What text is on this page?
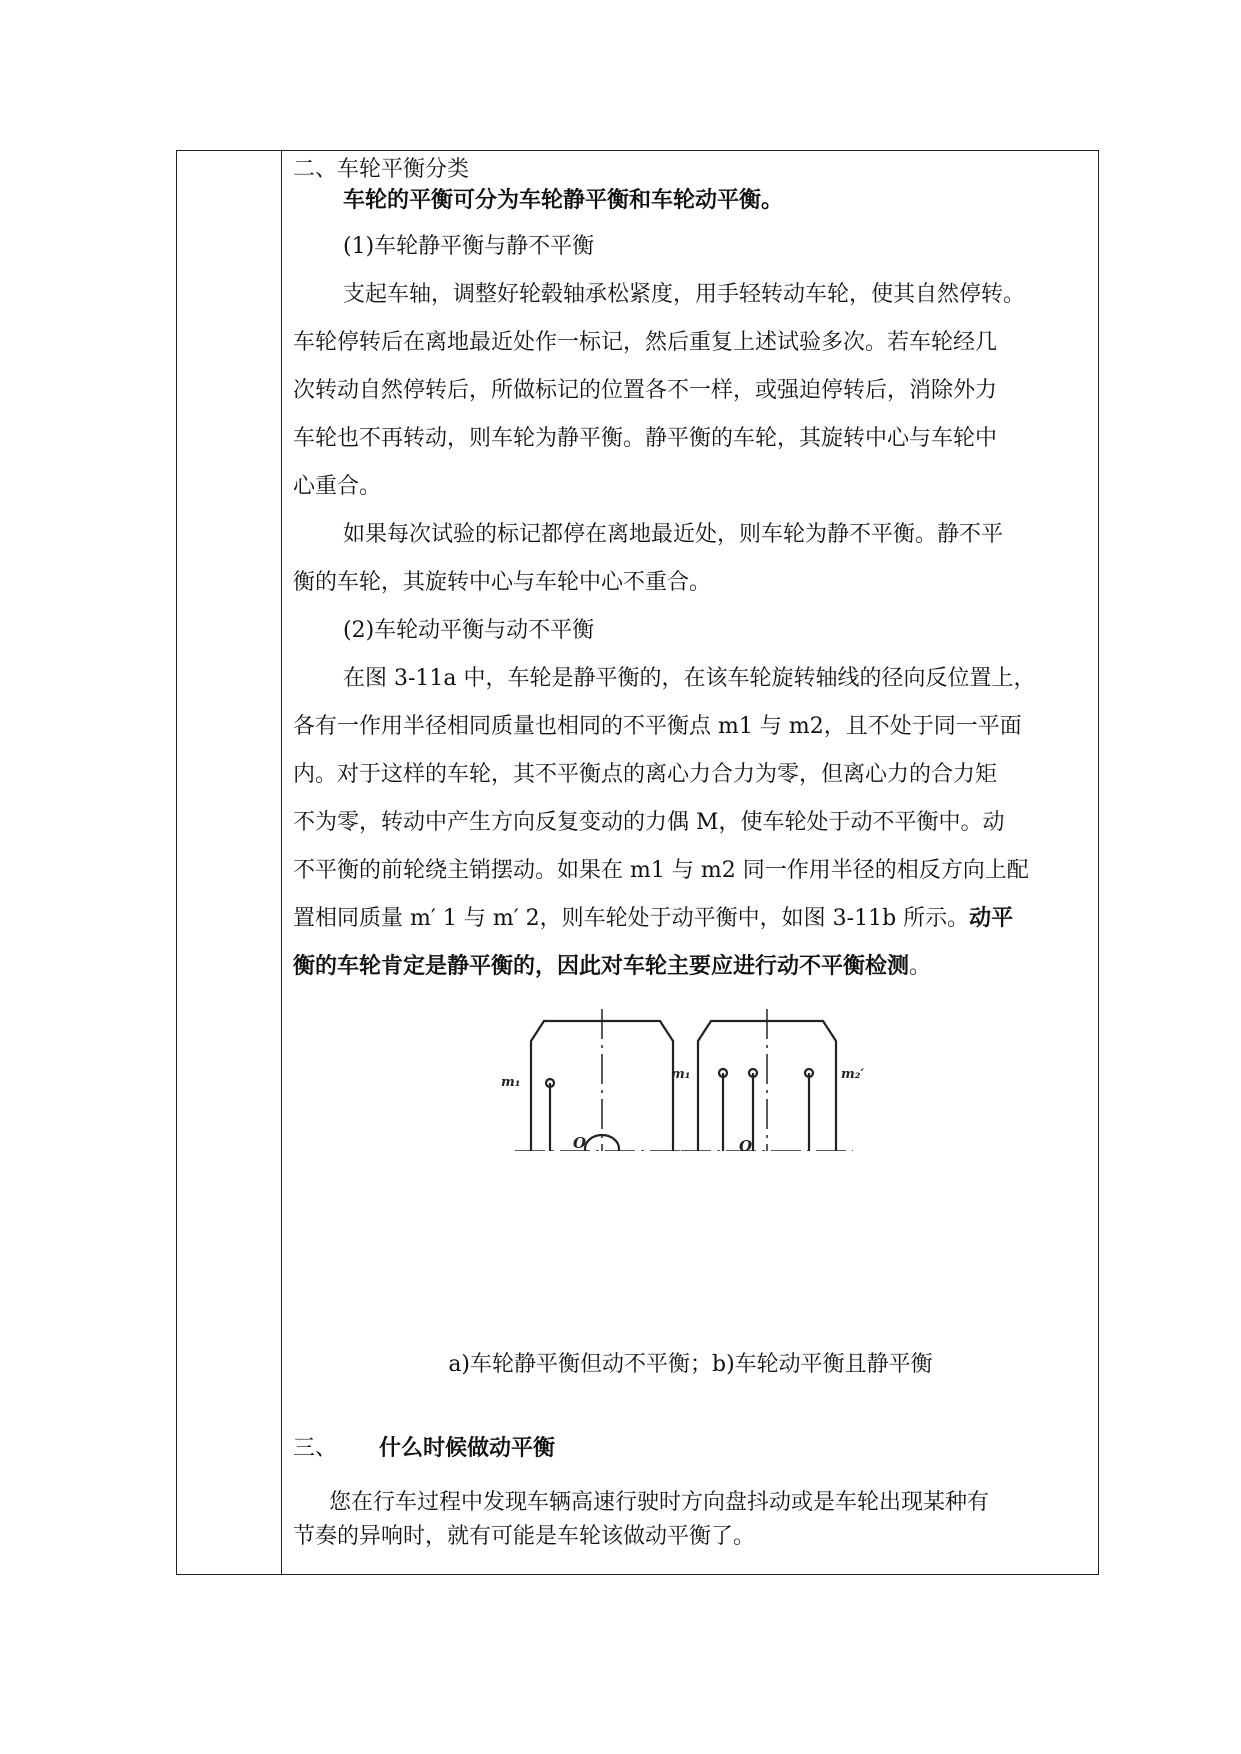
二、车轮平衡分类
车轮的平衡可分为车轮静平衡和车轮动平衡。
(1)车轮静平衡与静不平衡
支起车轴，调整好轮毂轴承松紧度，用手轻转动车轮，使其自然停转。
车轮停转后在离地最近处作一标记，然后重复上述试验多次。若车轮经几
次转动自然停转后，所做标记的位置各不一样，或强迫停转后，消除外力
车轮也不再转动，则车轮为静平衡。静平衡的车轮，其旋转中心与车轮中
心重合。
如果每次试验的标记都停在离地最近处，则车轮为静不平衡。静不平
衡的车轮，其旋转中心与车轮中心不重合。
(2)车轮动平衡与动不平衡
在图 3-11a 中，车轮是静平衡的，在该车轮旋转轴线的径向反位置上，
各有一作用半径相同质量也相同的不平衡点 m1 与 m2，且不处于同一平面
内。对于这样的车轮，其不平衡点的离心力合力为零，但离心力的合力矩
不为零，转动中产生方向反复变动的力偶 M，使车轮处于动不平衡中。动
不平衡的前轮绕主销摆动。如果在 m1 与 m2 同一作用半径的相反方向上配
置相同质量 m′ 1 与 m′ 2，则车轮处于动平衡中，如图 3-11b 所示。动平
衡的车轮肯定是静平衡的，因此对车轮主要应进行动不平衡检测。
m₁
O
m₁	m₂′
O
a)车轮静平衡但动不平衡；b)车轮动平衡且静平衡
三、 什么时候做动平衡
您在行车过程中发现车辆高速行驶时方向盘抖动或是车轮出现某种有
节奏的异响时，就有可能是车轮该做动平衡了。
